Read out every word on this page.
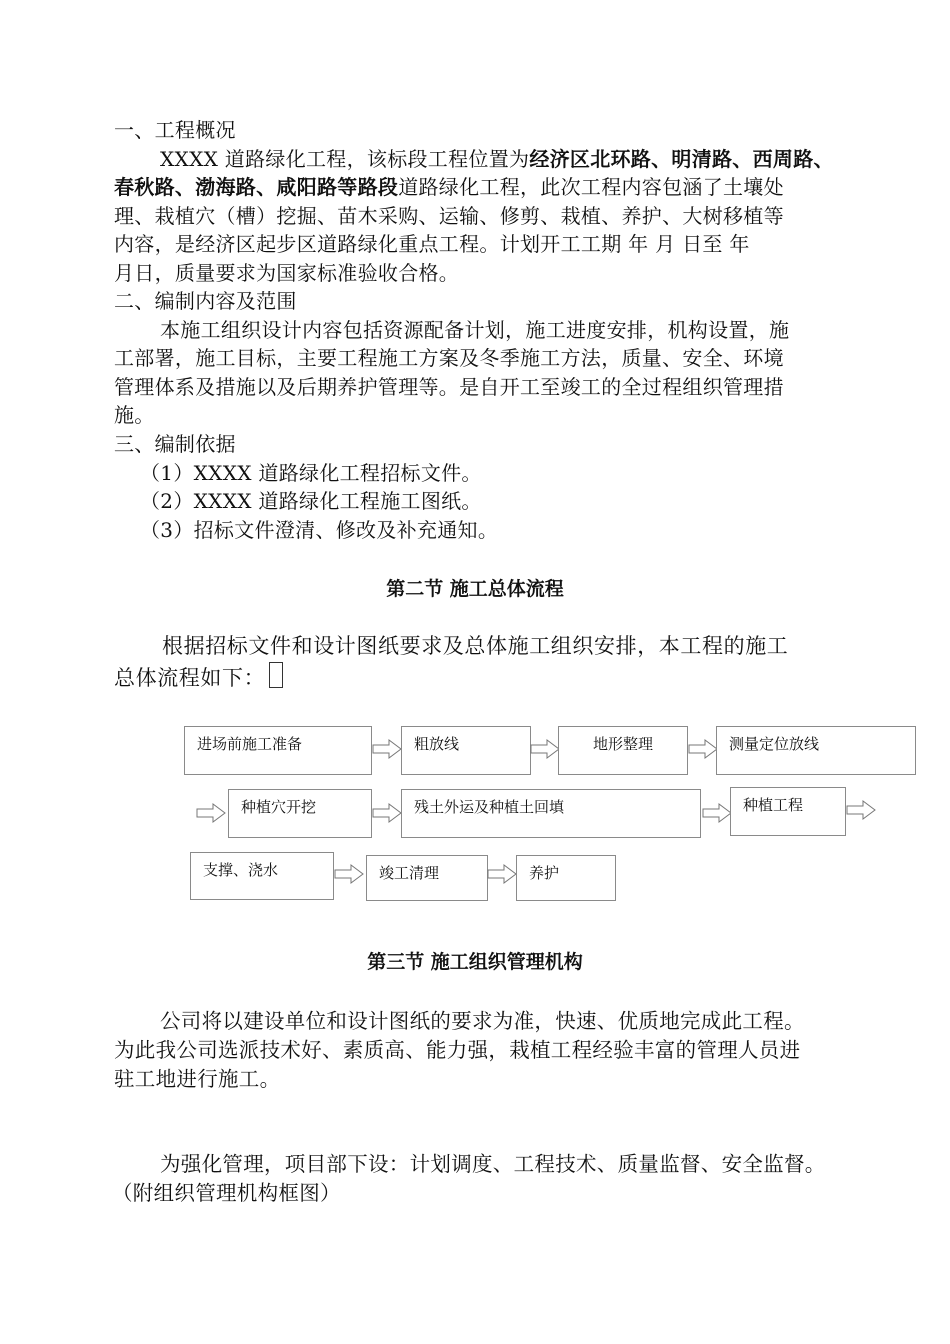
一、工程概况
XXXX 道路绿化工程，该标段工程位置为经济区北环路、明清路、西周路、
春秋路、渤海路、咸阳路等路段道路绿化工程，此次工程内容包涵了土壤处
理、栽植穴（槽）挖掘、苗木采购、运输、修剪、栽植、养护、大树移植等
内容，是经济区起步区道路绿化重点工程。计划开工工期 年 月 日至 年
月日，质量要求为国家标准验收合格。
二、编制内容及范围
本施工组织设计内容包括资源配备计划，施工进度安排，机构设置，施
工部署，施工目标，主要工程施工方案及冬季施工方法，质量、安全、环境
管理体系及措施以及后期养护管理等。是自开工至竣工的全过程组织管理措
施。
三、编制依据
（1）XXXX 道路绿化工程招标文件。
（2）XXXX 道路绿化工程施工图纸。
（3）招标文件澄清、修改及补充通知。
第二节 施工总体流程
根据招标文件和设计图纸要求及总体施工组织安排，本工程的施工
总体流程如下：
进场前施工准备	粗放线	地形整理	测量定位放线
种植穴开挖	残土外运及种植土回填	种植工程
支撑、浇水	竣工清理	养护
第三节 施工组织管理机构
公司将以建设单位和设计图纸的要求为准，快速、优质地完成此工程。
为此我公司选派技术好、素质高、能力强，栽植工程经验丰富的管理人员进
驻工地进行施工。
为强化管理，项目部下设：计划调度、工程技术、质量监督、安全监督。
（附组织管理机构框图）
